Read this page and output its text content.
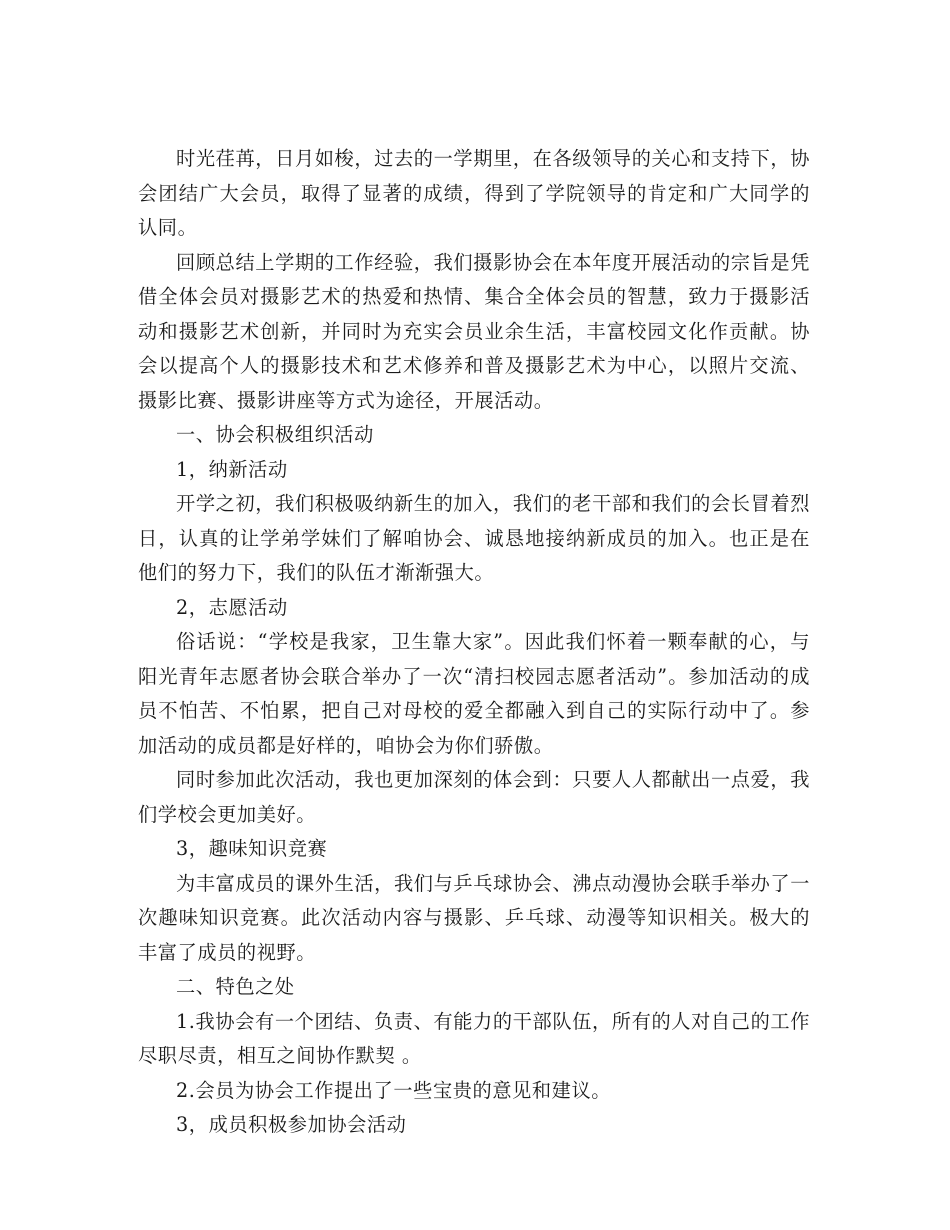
时光荏苒，日月如梭，过去的一学期里，在各级领导的关心和支持下，协会团结广大会员，取得了显著的成绩，得到了学院领导的肯定和广大同学的认同。

回顾总结上学期的工作经验，我们摄影协会在本年度开展活动的宗旨是凭借全体会员对摄影艺术的热爱和热情、集合全体会员的智慧，致力于摄影活动和摄影艺术创新，并同时为充实会员业余生活，丰富校园文化作贡献。协会以提高个人的摄影技术和艺术修养和普及摄影艺术为中心，以照片交流、摄影比赛、摄影讲座等方式为途径，开展活动。

一、协会积极组织活动

1，纳新活动

开学之初，我们积极吸纳新生的加入，我们的老干部和我们的会长冒着烈日，认真的让学弟学妹们了解咱协会、诚恳地接纳新成员的加入。也正是在他们的努力下，我们的队伍才渐渐强大。

2，志愿活动

俗话说：“学校是我家，卫生靠大家”。因此我们怀着一颗奉献的心，与阳光青年志愿者协会联合举办了一次“清扫校园志愿者活动”。参加活动的成员不怕苦、不怕累，把自己对母校的爱全都融入到自己的实际行动中了。参加活动的成员都是好样的，咱协会为你们骄傲。

同时参加此次活动，我也更加深刻的体会到：只要人人都献出一点爱，我们学校会更加美好。

3，趣味知识竞赛

为丰富成员的课外生活，我们与乒乓球协会、沸点动漫协会联手举办了一次趣味知识竞赛。此次活动内容与摄影、乒乓球、动漫等知识相关。极大的丰富了成员的视野。

二、特色之处

1.我协会有一个团结、负责、有能力的干部队伍，所有的人对自己的工作尽职尽责，相互之间协作默契 。

2.会员为协会工作提出了一些宝贵的意见和建议。

3，成员积极参加协会活动
